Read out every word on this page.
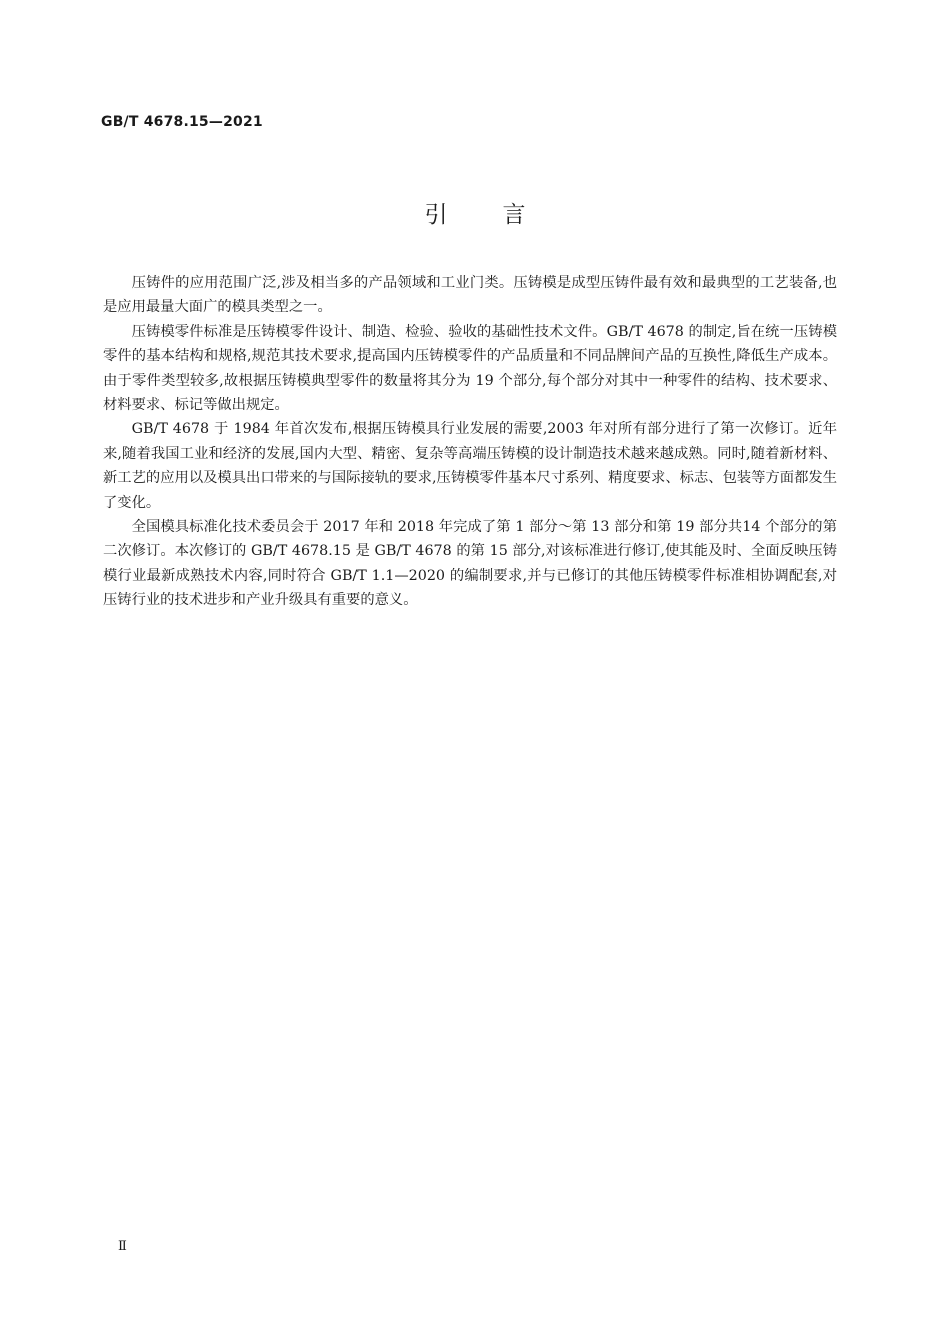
GB/T 4678.15—2021
引言

压铸件的应用范围广泛,涉及相当多的产品领域和工业门类。压铸模是成型压铸件最有效和最典型的工艺装备,也是应用最量大面广的模具类型之一。

压铸模零件标准是压铸模零件设计、制造、检验、验收的基础性技术文件。GB/T 4678 的制定,旨在统一压铸模零件的基本结构和规格,规范其技术要求,提高国内压铸模零件的产品质量和不同品牌间产品的互换性,降低生产成本。由于零件类型较多,故根据压铸模典型零件的数量将其分为 19 个部分,每个部分对其中一种零件的结构、技术要求、材料要求、标记等做出规定。

GB/T 4678 于 1984 年首次发布,根据压铸模具行业发展的需要,2003 年对所有部分进行了第一次修订。近年来,随着我国工业和经济的发展,国内大型、精密、复杂等高端压铸模的设计制造技术越来越成熟。同时,随着新材料、新工艺的应用以及模具出口带来的与国际接轨的要求,压铸模零件基本尺寸系列、精度要求、标志、包装等方面都发生了变化。

全国模具标准化技术委员会于 2017 年和 2018 年完成了第 1 部分～第 13 部分和第 19 部分共14 个部分的第二次修订。本次修订的 GB/T 4678.15 是 GB/T 4678 的第 15 部分,对该标准进行修订,使其能及时、全面反映压铸模行业最新成熟技术内容,同时符合 GB/T 1.1—2020 的编制要求,并与已修订的其他压铸模零件标准相协调配套,对压铸行业的技术进步和产业升级具有重要的意义。

Ⅱ
